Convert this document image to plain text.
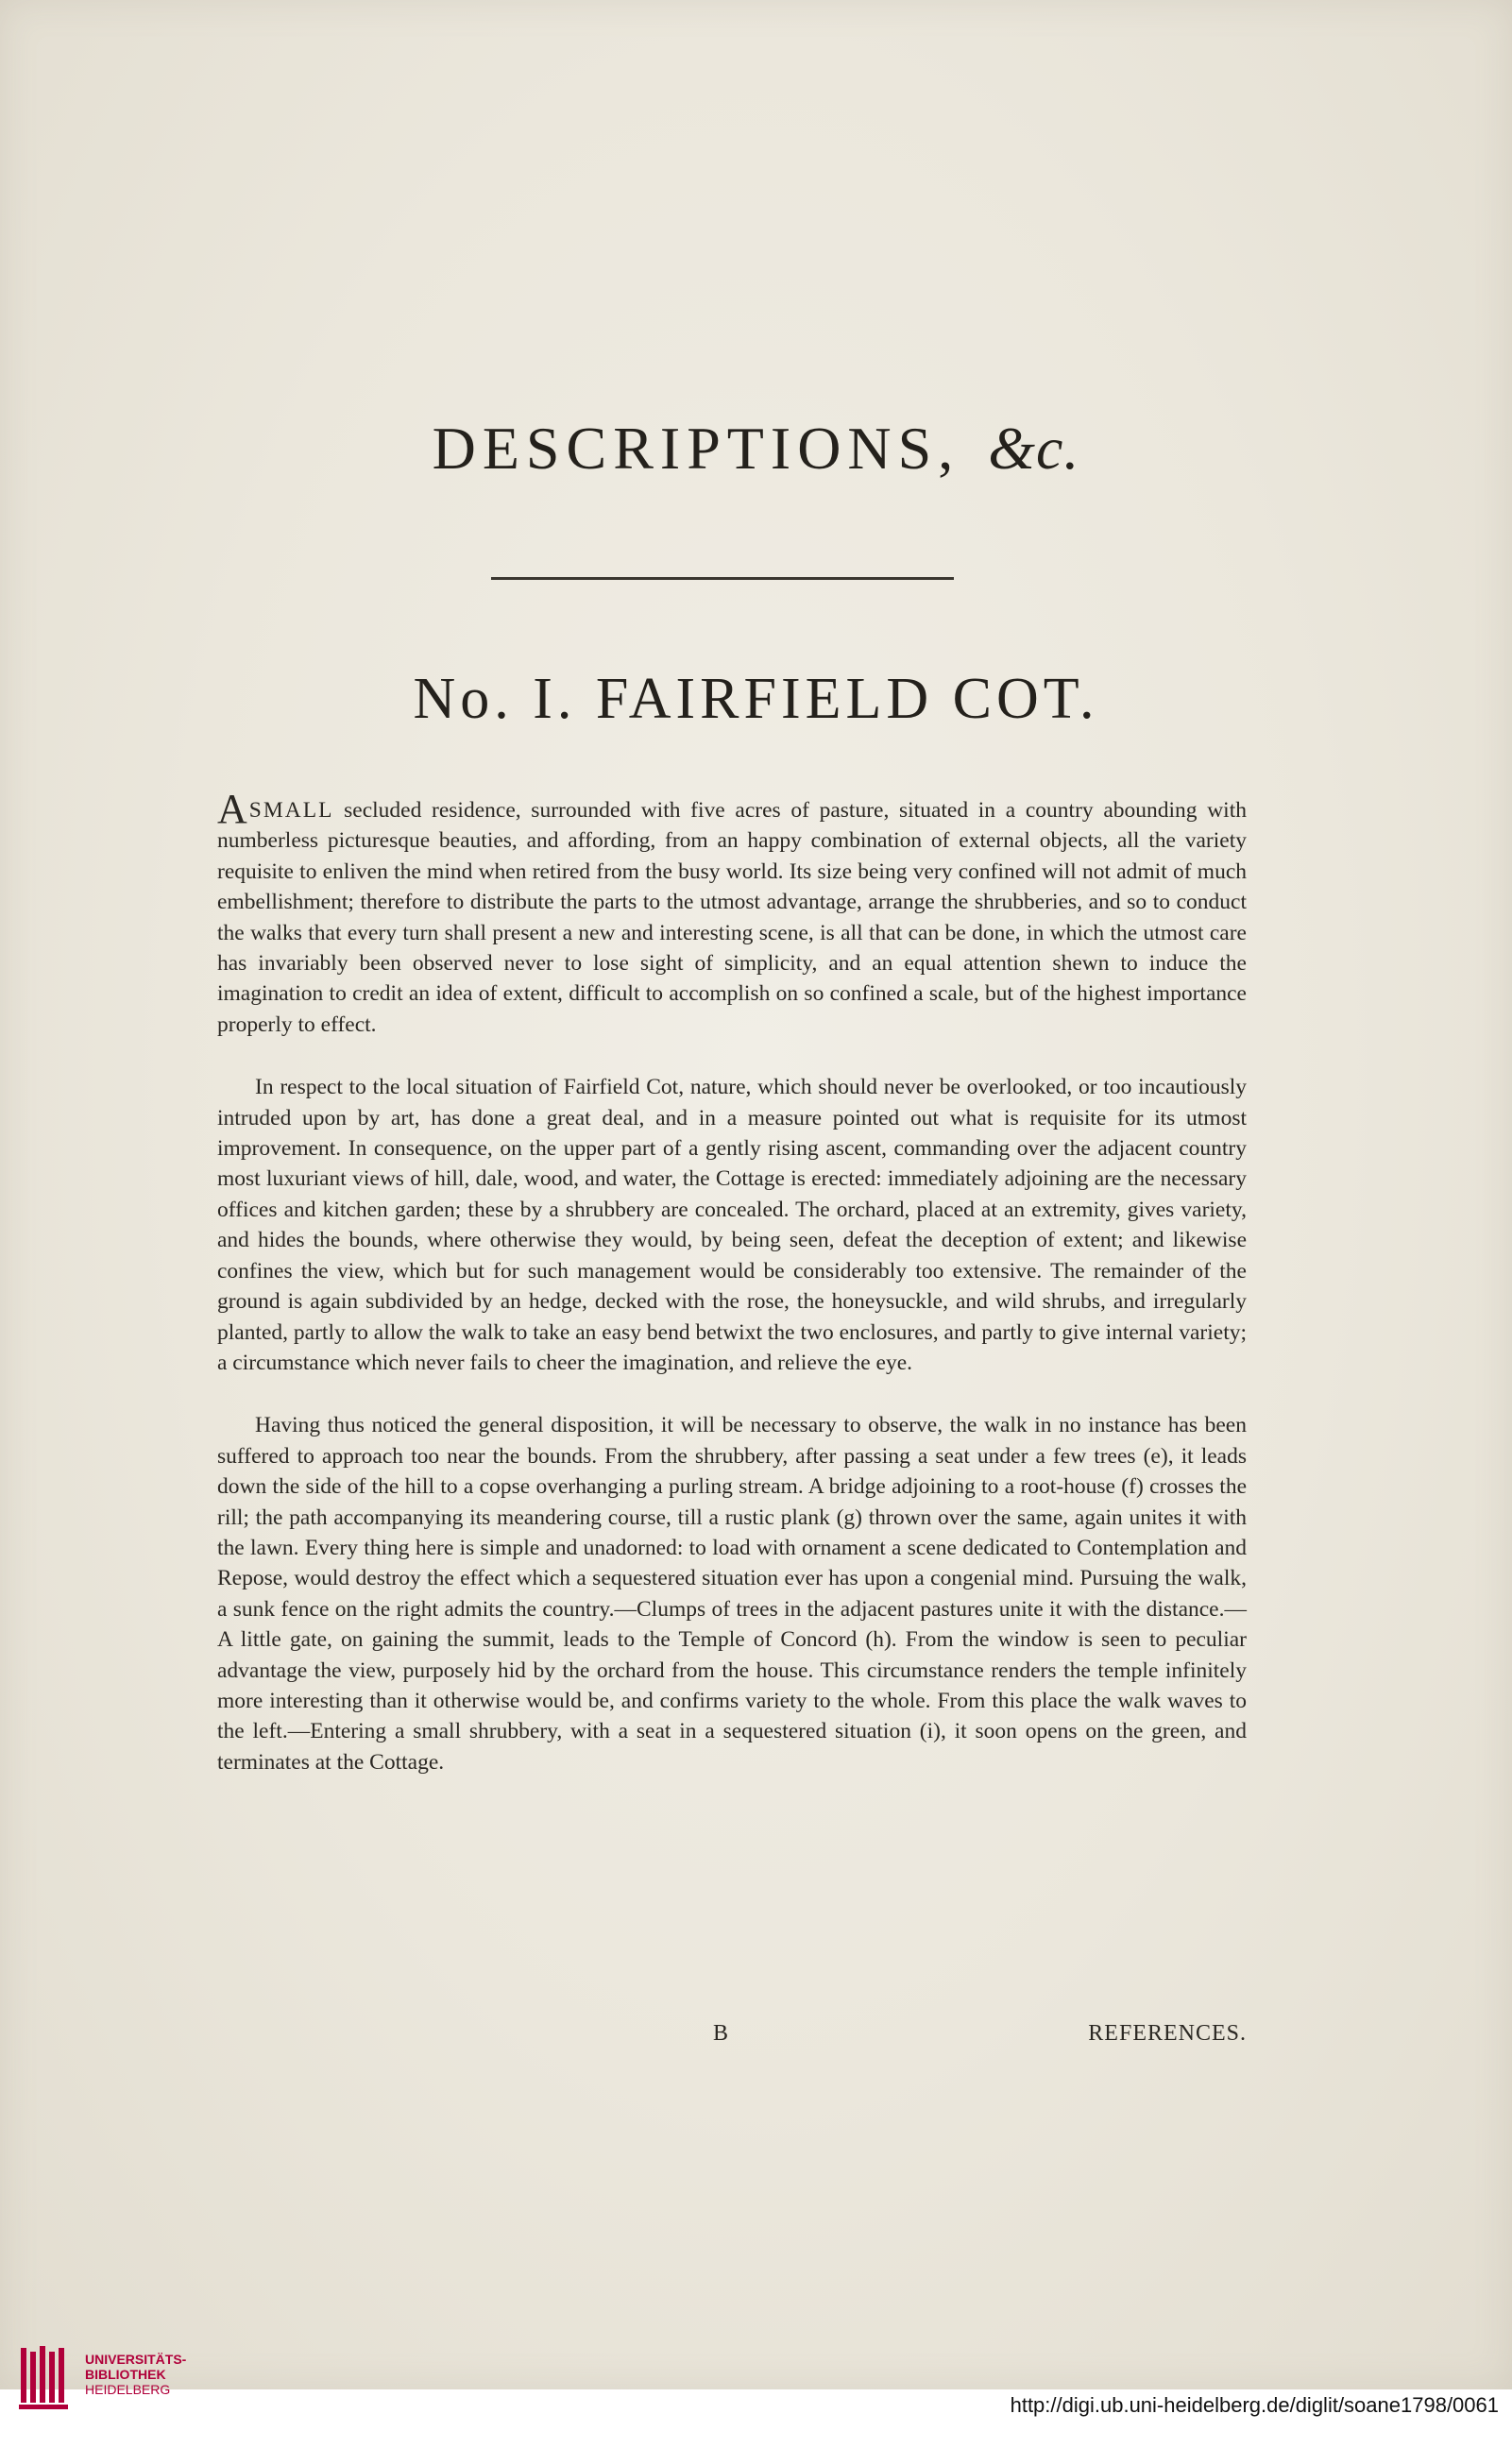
DESCRIPTIONS, &c.
No. I. FAIRFIELD COT.

ASMALL secluded residence, surrounded with five acres of pasture, situated in a country abounding with numberless picturesque beauties, and affording, from an happy combination of external objects, all the variety requisite to enliven the mind when retired from the busy world. Its size being very confined will not admit of much embellishment; therefore to distribute the parts to the utmost advantage, arrange the shrubberies, and so to conduct the walks that every turn shall present a new and interesting scene, is all that can be done, in which the utmost care has invariably been observed never to lose sight of simplicity, and an equal attention shewn to induce the imagination to credit an idea of extent, difficult to accomplish on so confined a scale, but of the highest importance properly to effect.

In respect to the local situation of Fairfield Cot, nature, which should never be overlooked, or too incautiously intruded upon by art, has done a great deal, and in a measure pointed out what is requisite for its utmost improvement. In consequence, on the upper part of a gently rising ascent, commanding over the adjacent country most luxuriant views of hill, dale, wood, and water, the Cottage is erected: immediately adjoining are the necessary offices and kitchen garden; these by a shrubbery are concealed. The orchard, placed at an extremity, gives variety, and hides the bounds, where otherwise they would, by being seen, defeat the deception of extent; and likewise confines the view, which but for such management would be considerably too extensive. The remainder of the ground is again subdivided by an hedge, decked with the rose, the honeysuckle, and wild shrubs, and irregularly planted, partly to allow the walk to take an easy bend betwixt the two enclosures, and partly to give internal variety; a circumstance which never fails to cheer the imagination, and relieve the eye.

Having thus noticed the general disposition, it will be necessary to observe, the walk in no instance has been suffered to approach too near the bounds. From the shrubbery, after passing a seat under a few trees (e), it leads down the side of the hill to a copse overhanging a purling stream. A bridge adjoining to a root-house (f) crosses the rill; the path accompanying its meandering course, till a rustic plank (g) thrown over the same, again unites it with the lawn. Every thing here is simple and unadorned: to load with ornament a scene dedicated to Contemplation and Repose, would destroy the effect which a sequestered situation ever has upon a congenial mind. Pursuing the walk, a sunk fence on the right admits the country.—Clumps of trees in the adjacent pastures unite it with the distance.—A little gate, on gaining the summit, leads to the Temple of Concord (h). From the window is seen to peculiar advantage the view, purposely hid by the orchard from the house. This circumstance renders the temple infinitely more interesting than it otherwise would be, and confirms variety to the whole. From this place the walk waves to the left.—Entering a small shrubbery, with a seat in a sequestered situation (i), it soon opens on the green, and terminates at the Cottage.

B	REFERENCES.
UNIVERSITÄTS-
BIBLIOTHEK
HEIDELBERG

http://digi.ub.uni-heidelberg.de/diglit/soane1798/0061
